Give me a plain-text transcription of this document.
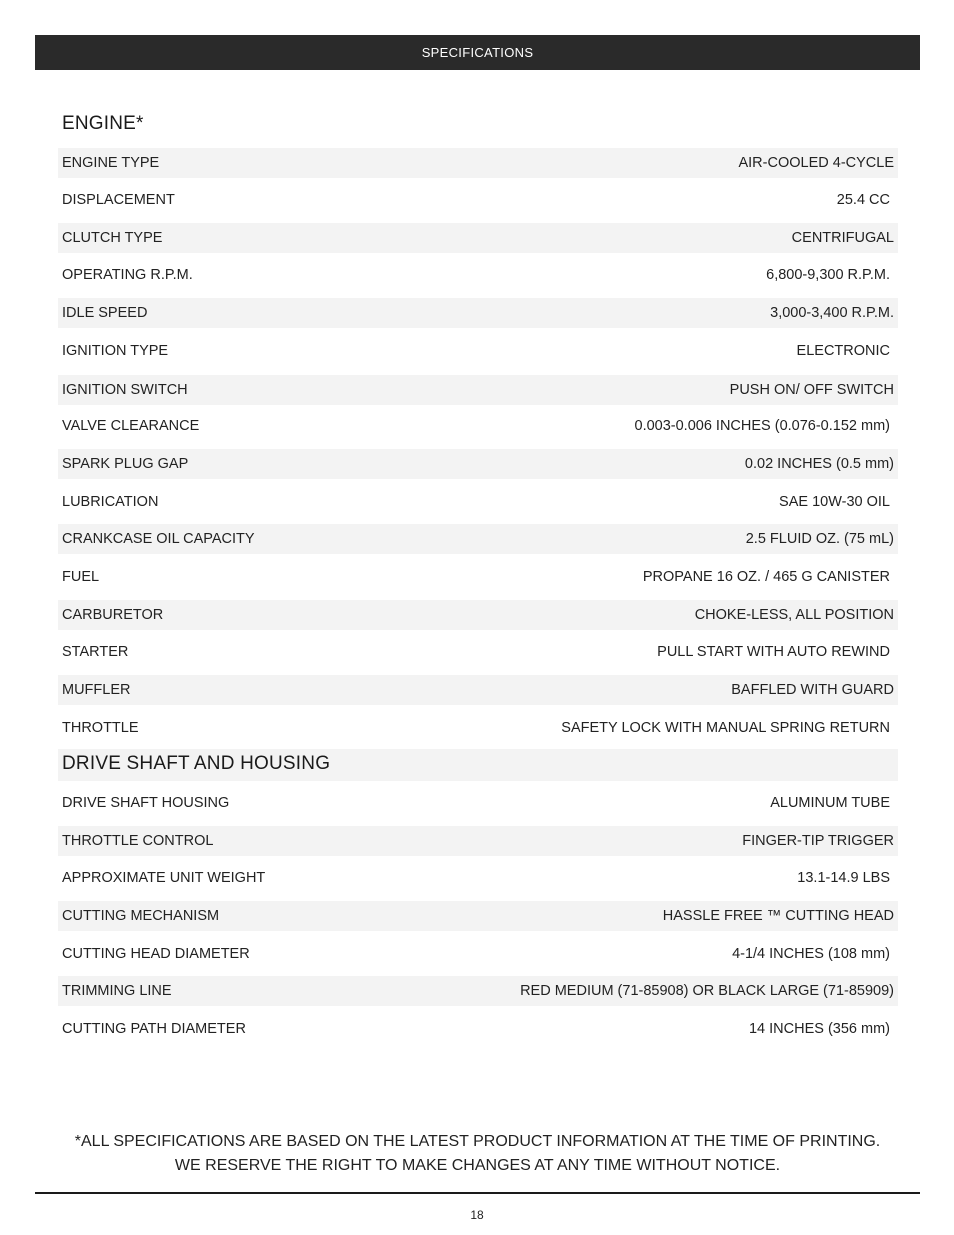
SPECIFICATIONS
ENGINE*
ENGINE TYPE	AIR-COOLED 4-CYCLE
DISPLACEMENT	25.4 CC
CLUTCH TYPE	CENTRIFUGAL
OPERATING R.P.M.	6,800-9,300 R.P.M.
IDLE SPEED	3,000-3,400 R.P.M.
IGNITION TYPE	ELECTRONIC
IGNITION SWITCH	PUSH ON/ OFF SWITCH
VALVE CLEARANCE	0.003-0.006 INCHES (0.076-0.152 mm)
SPARK PLUG GAP	0.02 INCHES (0.5 mm)
LUBRICATION	SAE 10W-30 OIL
CRANKCASE OIL CAPACITY	2.5 FLUID OZ. (75 mL)
FUEL	PROPANE 16 OZ. / 465 G CANISTER
CARBURETOR	CHOKE-LESS, ALL POSITION
STARTER	PULL START WITH AUTO REWIND
MUFFLER	BAFFLED WITH GUARD
THROTTLE	SAFETY LOCK WITH MANUAL SPRING RETURN
DRIVE SHAFT AND HOUSING
DRIVE SHAFT HOUSING	ALUMINUM TUBE
THROTTLE CONTROL	FINGER-TIP TRIGGER
APPROXIMATE UNIT WEIGHT	13.1-14.9 LBS
CUTTING MECHANISM	HASSLE FREE ™ CUTTING HEAD
CUTTING HEAD DIAMETER	4-1/4 INCHES (108 mm)
TRIMMING LINE	RED MEDIUM (71-85908) OR BLACK LARGE (71-85909)
CUTTING PATH DIAMETER	14 INCHES (356 mm)
*ALL SPECIFICATIONS ARE BASED ON THE LATEST PRODUCT INFORMATION AT THE TIME OF PRINTING.
WE RESERVE THE RIGHT TO MAKE CHANGES AT ANY TIME WITHOUT NOTICE.
18
